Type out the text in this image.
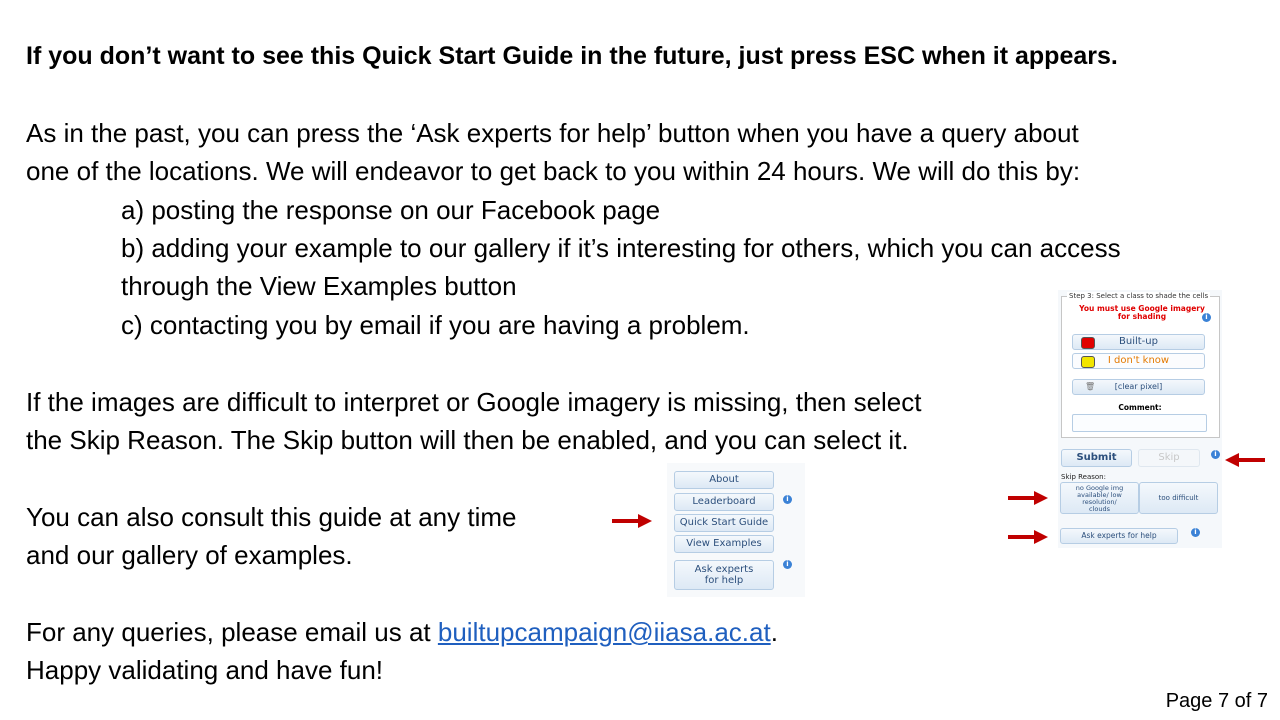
If you don’t want to see this Quick Start Guide in the future, just press ESC when it appears.
As in the past, you can press the ‘Ask experts for help’ button when you have a query about
one of the locations. We will endeavor to get back to you within 24 hours. We will do this by:
a) posting the response on our Facebook page
b) adding your example to our gallery if it’s interesting for others, which you can access
through the View Examples button
c) contacting you by email if you are having a problem.
If the images are difficult to interpret or Google imagery is missing, then select
the Skip Reason. The Skip button will then be enabled, and you can select it.
You can also consult this guide at any time
and our gallery of examples.
For any queries, please email us at builtupcampaign@iiasa.ac.at.
Happy validating and have fun!
Page 7 of 7
About
Leaderboard	i
Quick Start Guide
View Examples
Ask experts for help
i
Step 3: Select a class to shade the cells
You must use Google imagery for shading	i
Built-up
I don't know
🗑 [clear pixel]
Comment:
Submit	Skip	i
Skip Reason:
no Google img available/ low resolution/ clouds
too difficult
Ask experts for help	i
